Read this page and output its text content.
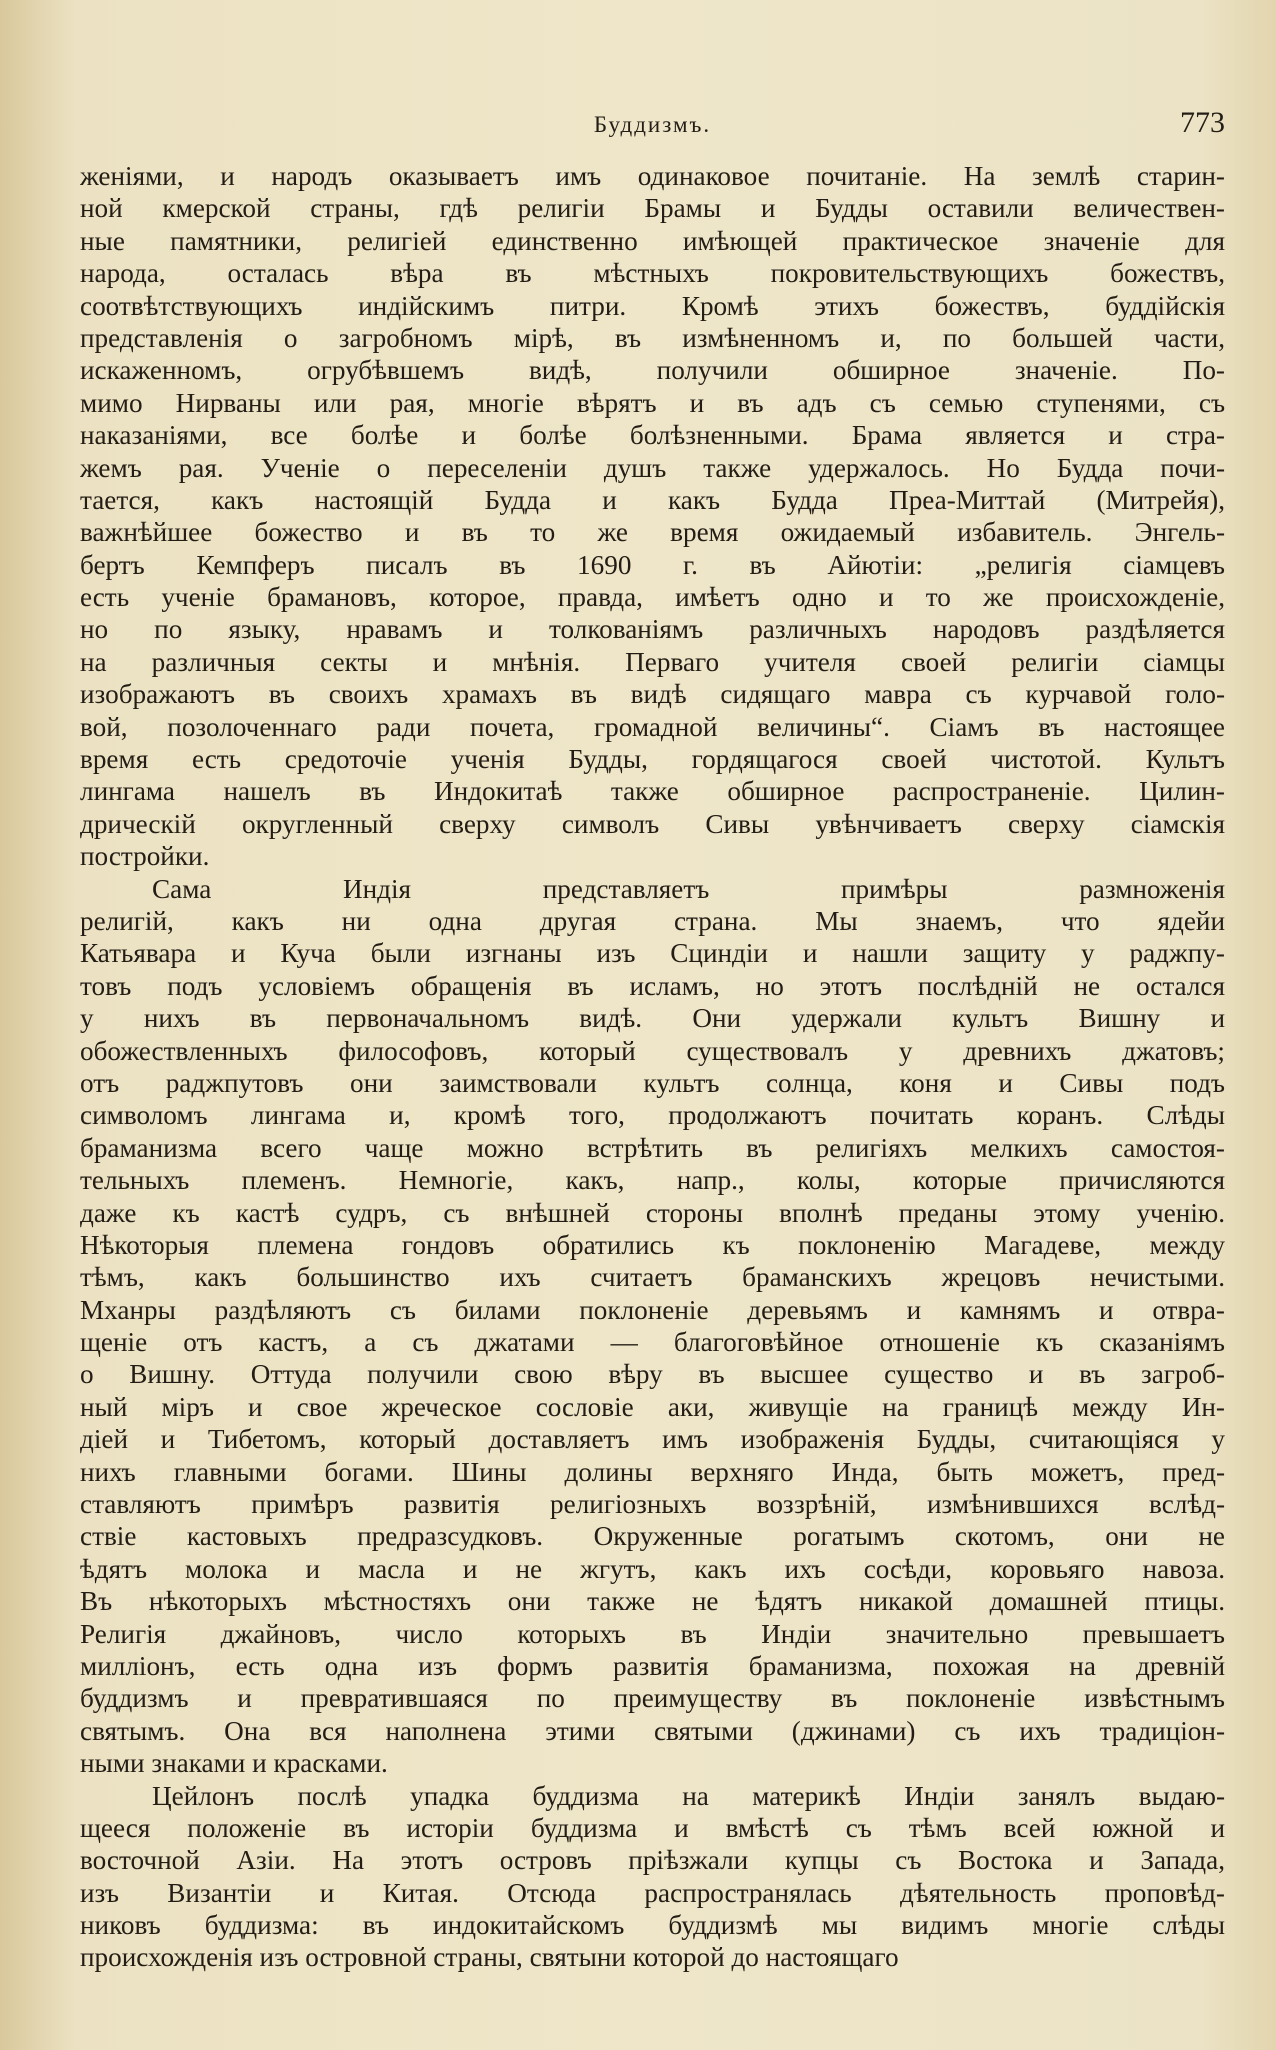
Буддизмъ.	773
женіями, и народъ оказываетъ имъ одинаковое почитаніе. На землѣ старин-
ной кмерской страны, гдѣ религіи Брамы и Будды оставили величествен-
ные памятники, религіей единственно имѣющей практическое значеніе для
народа, осталась вѣра въ мѣстныхъ покровительствующихъ божествъ,
соотвѣтствующихъ индійскимъ питри. Кромѣ этихъ божествъ, буддійскія
представленія о загробномъ мірѣ, въ измѣненномъ и, по большей части,
искаженномъ, огрубѣвшемъ видѣ, получили обширное значеніе. По-
мимо Нирваны или рая, многіе вѣрятъ и въ адъ съ семью ступенями, съ
наказаніями, все болѣе и болѣе болѣзненными. Брама является и стра-
жемъ рая. Ученіе о переселеніи душъ также удержалось. Но Будда почи-
тается, какъ настоящій Будда и какъ Будда Преа-Миттай (Митрейя),
важнѣйшее божество и въ то же время ожидаемый избавитель. Энгель-
бертъ Кемпферъ писалъ въ 1690 г. въ Айютіи: „религія сіамцевъ
есть ученіе брамановъ, которое, правда, имѣетъ одно и то же происхожденіе,
но по языку, нравамъ и толкованіямъ различныхъ народовъ раздѣляется
на различныя секты и мнѣнія. Перваго учителя своей религіи сіамцы
изображаютъ въ своихъ храмахъ въ видѣ сидящаго мавра съ курчавой голо-
вой, позолоченнаго ради почета, громадной величины“. Сіамъ въ настоящее
время есть средоточіе ученія Будды, гордящагося своей чистотой. Культъ
лингама нашелъ въ Индокитаѣ также обширное распространеніе. Цилин-
дрическій округленный сверху символъ Сивы увѣнчиваетъ сверху сіамскія
постройки.
Сама Индія представляетъ примѣры размноженія
религій, какъ ни одна другая страна. Мы знаемъ, что ядейи
Катьявара и Куча были изгнаны изъ Сциндіи и нашли защиту у раджпу-
товъ подъ условіемъ обращенія въ исламъ, но этотъ послѣдній не остался
у нихъ въ первоначальномъ видѣ. Они удержали культъ Вишну и
обожествленныхъ философовъ, который существовалъ у древнихъ джатовъ;
отъ раджпутовъ они заимствовали культъ солнца, коня и Сивы подъ
символомъ лингама и, кромѣ того, продолжаютъ почитать коранъ. Слѣды
браманизма всего чаще можно встрѣтить въ религіяхъ мелкихъ самостоя-
тельныхъ племенъ. Немногіе, какъ, напр., колы, которые причисляются
даже къ кастѣ судръ, съ внѣшней стороны вполнѣ преданы этому ученію.
Нѣкоторыя племена гондовъ обратились къ поклоненію Магадеве, между
тѣмъ, какъ большинство ихъ считаетъ браманскихъ жрецовъ нечистыми.
Мханры раздѣляютъ съ билами поклоненіе деревьямъ и камнямъ и отвра-
щеніе отъ кастъ, а съ джатами — благоговѣйное отношеніе къ сказаніямъ
о Вишну. Оттуда получили свою вѣру въ высшее существо и въ загроб-
ный міръ и свое жреческое сословіе аки, живущіе на границѣ между Ин-
діей и Тибетомъ, который доставляетъ имъ изображенія Будды, считающіяся у
нихъ главными богами. Шины долины верхняго Инда, быть можетъ, пред-
ставляютъ примѣръ развитія религіозныхъ воззрѣній, измѣнившихся вслѣд-
ствіе кастовыхъ предразсудковъ. Окруженные рогатымъ скотомъ, они не
ѣдятъ молока и масла и не жгутъ, какъ ихъ сосѣди, коровьяго навоза.
Въ нѣкоторыхъ мѣстностяхъ они также не ѣдятъ никакой домашней птицы.
Религія джайновъ, число которыхъ въ Индіи значительно превышаетъ
милліонъ, есть одна изъ формъ развитія браманизма, похожая на древній
буддизмъ и превратившаяся по преимуществу въ поклоненіе извѣстнымъ
святымъ. Она вся наполнена этими святыми (джинами) съ ихъ традиціон-
ными знаками и красками.
Цейлонъ послѣ упадка буддизма на материкѣ Индіи занялъ выдаю-
щееся положеніе въ исторіи буддизма и вмѣстѣ съ тѣмъ всей южной и
восточной Азіи. На этотъ островъ пріѣзжали купцы съ Востока и Запада,
изъ Византіи и Китая. Отсюда распространялась дѣятельность проповѣд-
никовъ буддизма: въ индокитайскомъ буддизмѣ мы видимъ многіе слѣды
происхожденія изъ островной страны, святыни которой до настоящаго
